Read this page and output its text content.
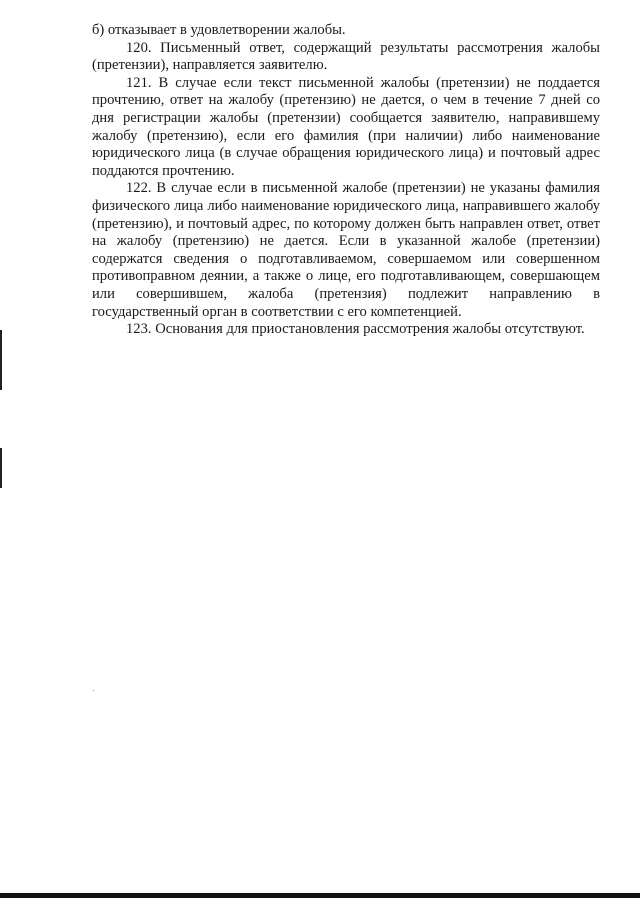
б) отказывает в удовлетворении жалобы.

120. Письменный ответ, содержащий результаты рассмотрения жалобы (претензии), направляется заявителю.

121. В случае если текст письменной жалобы (претензии) не поддается прочтению, ответ на жалобу (претензию) не дается, о чем в течение 7 дней со дня регистрации жалобы (претензии) сообщается заявителю, направившему жалобу (претензию), если его фамилия (при наличии) либо наименование юридического лица (в случае обращения юридического лица) и почтовый адрес поддаются прочтению.

122. В случае если в письменной жалобе (претензии) не указаны фамилия физического лица либо наименование юридического лица, направившего жалобу (претензию), и почтовый адрес, по которому должен быть направлен ответ, ответ на жалобу (претензию) не дается. Если в указанной жалобе (претензии) содержатся сведения о подготавливаемом, совершаемом или совершенном противоправном деянии, а также о лице, его подготавливающем, совершающем или совершившем, жалоба (претензия) подлежит направлению в государственный орган в соответствии с его компетенцией.

123. Основания для приостановления рассмотрения жалобы отсутствуют.
